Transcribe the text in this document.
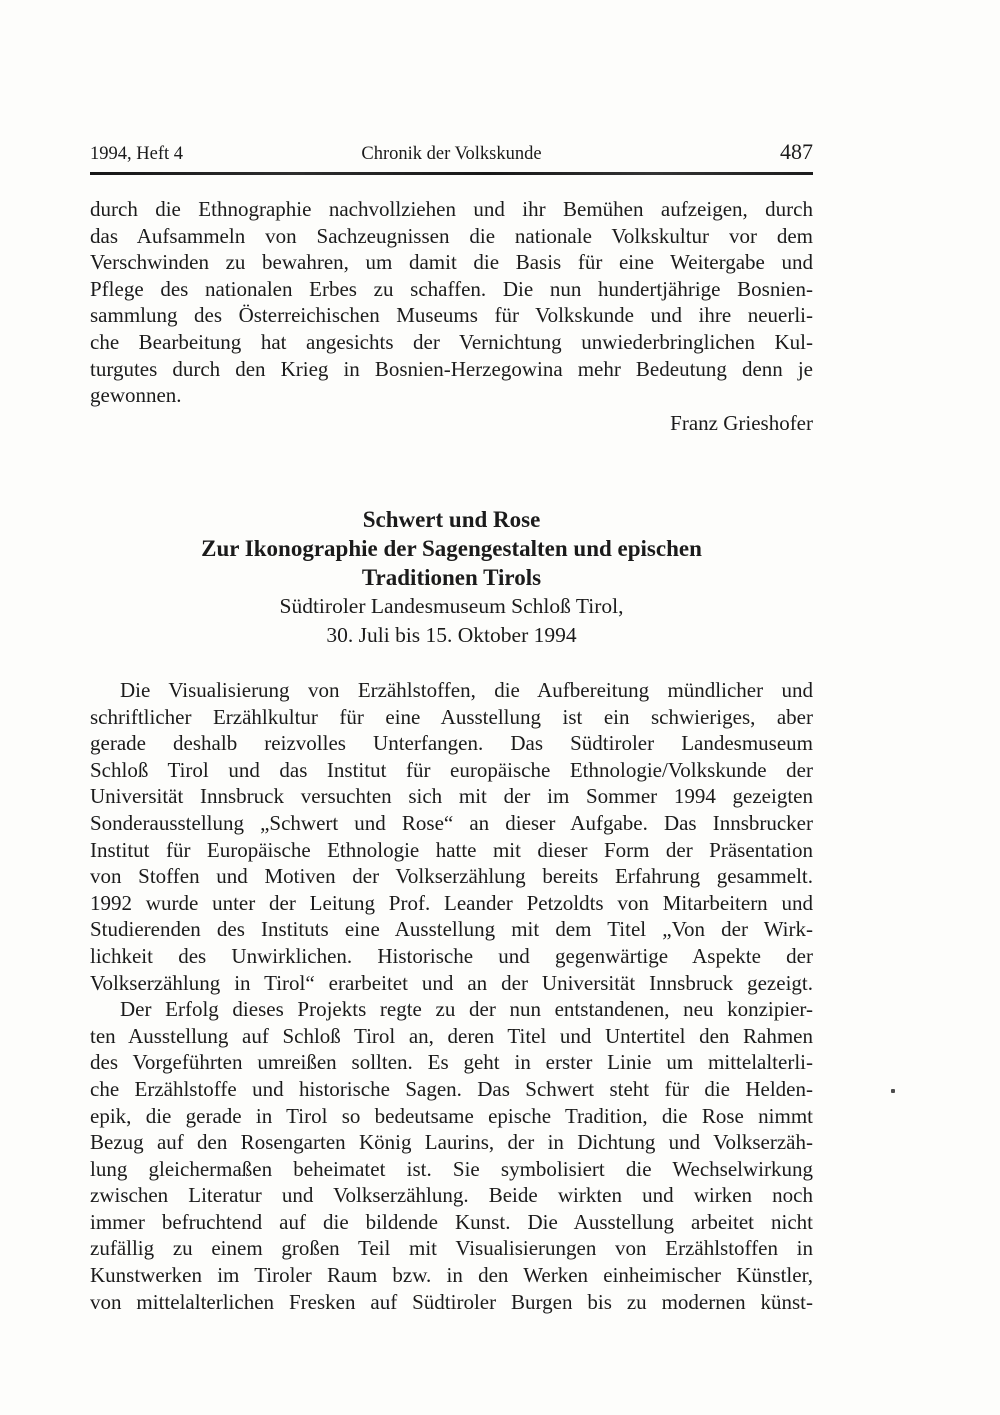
1994, Heft 4	Chronik der Volkskunde	487
durch die Ethnographie nachvollziehen und ihr Bemühen aufzeigen, durch
das Aufsammeln von Sachzeugnissen die nationale Volkskultur vor dem
Verschwinden zu bewahren, um damit die Basis für eine Weitergabe und
Pflege des nationalen Erbes zu schaffen. Die nun hundertjährige Bosnien-
sammlung des Österreichischen Museums für Volkskunde und ihre neuerli-
che Bearbeitung hat angesichts der Vernichtung unwiederbringlichen Kul-
turgutes durch den Krieg in Bosnien-Herzegowina mehr Bedeutung denn je
gewonnen.
Franz Grieshofer
Schwert und Rose
Zur Ikonographie der Sagengestalten und epischen
Traditionen Tirols
Südtiroler Landesmuseum Schloß Tirol,
30. Juli bis 15. Oktober 1994
Die Visualisierung von Erzählstoffen, die Aufbereitung mündlicher und
schriftlicher Erzählkultur für eine Ausstellung ist ein schwieriges, aber
gerade deshalb reizvolles Unterfangen. Das Südtiroler Landesmuseum
Schloß Tirol und das Institut für europäische Ethnologie/Volkskunde der
Universität Innsbruck versuchten sich mit der im Sommer 1994 gezeigten
Sonderausstellung „Schwert und Rose“ an dieser Aufgabe. Das Innsbrucker
Institut für Europäische Ethnologie hatte mit dieser Form der Präsentation
von Stoffen und Motiven der Volkserzählung bereits Erfahrung gesammelt.
1992 wurde unter der Leitung Prof. Leander Petzoldts von Mitarbeitern und
Studierenden des Instituts eine Ausstellung mit dem Titel „Von der Wirk-
lichkeit des Unwirklichen. Historische und gegenwärtige Aspekte der
Volkserzählung in Tirol“ erarbeitet und an der Universität Innsbruck gezeigt.
Der Erfolg dieses Projekts regte zu der nun entstandenen, neu konzipier-
ten Ausstellung auf Schloß Tirol an, deren Titel und Untertitel den Rahmen
des Vorgeführten umreißen sollten. Es geht in erster Linie um mittelalterli-
che Erzählstoffe und historische Sagen. Das Schwert steht für die Helden-
epik, die gerade in Tirol so bedeutsame epische Tradition, die Rose nimmt
Bezug auf den Rosengarten König Laurins, der in Dichtung und Volkserzäh-
lung gleichermaßen beheimatet ist. Sie symbolisiert die Wechselwirkung
zwischen Literatur und Volkserzählung. Beide wirkten und wirken noch
immer befruchtend auf die bildende Kunst. Die Ausstellung arbeitet nicht
zufällig zu einem großen Teil mit Visualisierungen von Erzählstoffen in
Kunstwerken im Tiroler Raum bzw. in den Werken einheimischer Künstler,
von mittelalterlichen Fresken auf Südtiroler Burgen bis zu modernen künst-
